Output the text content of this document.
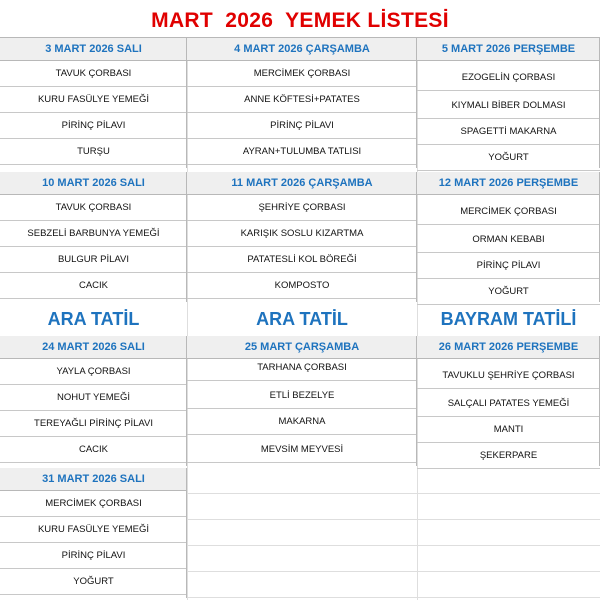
MART  2026  YEMEK LİSTESİ
3 MART 2026 SALI
TAVUK ÇORBASI
KURU FASÜLYE YEMEĞİ
PİRİNÇ PİLAVI
TURŞU
4 MART 2026 ÇARŞAMBA
MERCİMEK ÇORBASI
ANNE KÖFTESİ+PATATES
PİRİNÇ PİLAVI
AYRAN+TULUMBA TATLISI
5 MART 2026 PERŞEMBE
EZOGELİN ÇORBASI
KIYMALI BİBER DOLMASI
SPAGETTİ MAKARNA
YOĞURT
10 MART 2026 SALI
TAVUK ÇORBASI
SEBZELİ BARBUNYA YEMEĞİ
BULGUR PİLAVI
CACIK
11 MART 2026 ÇARŞAMBA
ŞEHRİYE ÇORBASI
KARIŞIK SOSLU KIZARTMA
PATATESLİ KOL BÖREĞİ
KOMPOSTO
12 MART 2026 PERŞEMBE
MERCİMEK ÇORBASI
ORMAN KEBABI
PİRİNÇ PİLAVI
YOĞURT
ARA TATİL	ARA TATİL	BAYRAM TATİLİ
24 MART 2026 SALI
YAYLA ÇORBASI
NOHUT YEMEĞİ
TEREYAĞLI PİRİNÇ PİLAVI
CACIK
25 MART ÇARŞAMBA
TARHANA ÇORBASI
ETLİ BEZELYE
MAKARNA
MEVSİM MEYVESİ
26 MART 2026 PERŞEMBE
TAVUKLU ŞEHRİYE ÇORBASI
SALÇALI PATATES YEMEĞİ
MANTI
ŞEKERPARE
31 MART 2026 SALI
MERCİMEK ÇORBASI
KURU FASÜLYE YEMEĞİ
PİRİNÇ PİLAVI
YOĞURT
